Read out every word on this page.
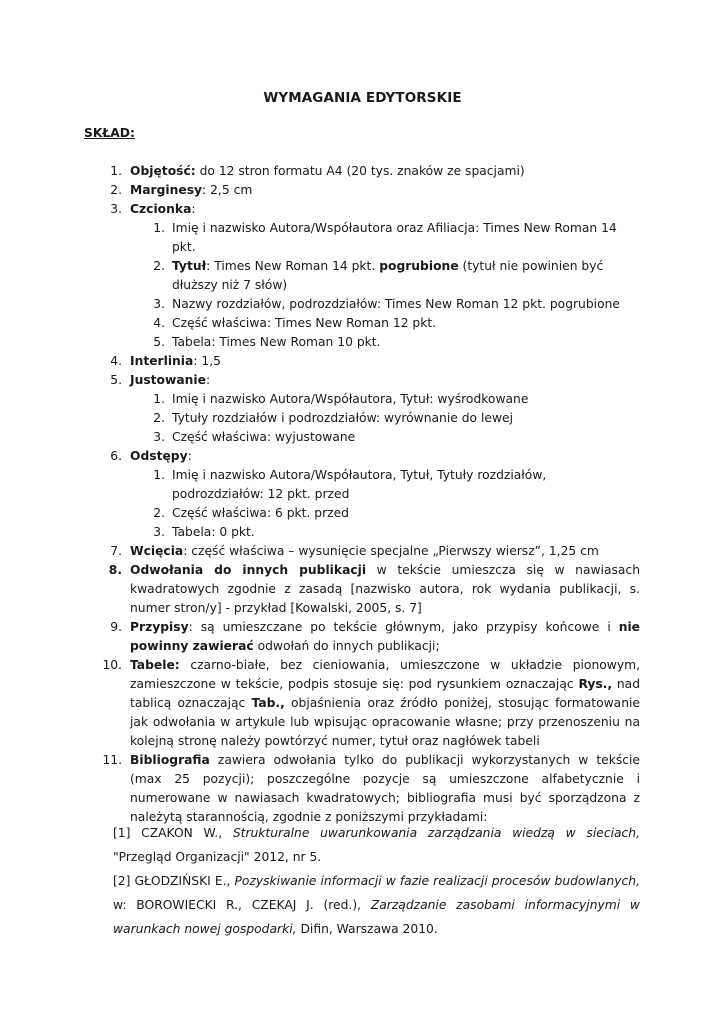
WYMAGANIA EDYTORSKIE
SKŁAD:
1. Objętość: do 12 stron formatu A4 (20 tys. znaków ze spacjami)
2. Marginesy: 2,5 cm
3. Czcionka:
1. Imię i nazwisko Autora/Współautora oraz Afiliacja: Times New Roman 14 pkt.
2. Tytuł: Times New Roman 14 pkt. pogrubione (tytuł nie powinien być dłuższy niż 7 słów)
3. Nazwy rozdziałów, podrozdziałów: Times New Roman 12 pkt. pogrubione
4. Część właściwa: Times New Roman 12 pkt.
5. Tabela: Times New Roman 10 pkt.
4. Interlinia: 1,5
5. Justowanie:
1. Imię i nazwisko Autora/Współautora, Tytuł: wyśrodkowane
2. Tytuły rozdziałów i podrozdziałów: wyrównanie do lewej
3. Część właściwa: wyjustowane
6. Odstępy:
1. Imię i nazwisko Autora/Współautora, Tytuł, Tytuły rozdziałów, podrozdziałów: 12 pkt. przed
2. Część właściwa: 6 pkt. przed
3. Tabela: 0 pkt.
7. Wcięcia: część właściwa – wysunięcie specjalne „Pierwszy wiersz”, 1,25 cm
8. Odwołania do innych publikacji w tekście umieszcza się w nawiasach kwadratowych zgodnie z zasadą [nazwisko autora, rok wydania publikacji, s. numer stron/y] - przykład [Kowalski, 2005, s. 7]
9. Przypisy: są umieszczane po tekście głównym, jako przypisy końcowe i nie powinny zawierać odwołań do innych publikacji;
10. Tabele: czarno-białe, bez cieniowania, umieszczone w układzie pionowym, zamieszczone w tekście, podpis stosuje się: pod rysunkiem oznaczając Rys., nad tablicą oznaczając Tab., objaśnienia oraz źródło poniżej, stosując formatowanie jak odwołania w artykule lub wpisując opracowanie własne; przy przenoszeniu na kolejną stronę należy powtórzyć numer, tytuł oraz nagłówek tabeli
11. Bibliografia zawiera odwołania tylko do publikacji wykorzystanych w tekście (max 25 pozycji); poszczególne pozycje są umieszczone alfabetycznie i numerowane w nawiasach kwadratowych; bibliografia musi być sporządzona z należytą starannością, zgodnie z poniższymi przykładami:
[1] CZAKON W., Strukturalne uwarunkowania zarządzania wiedzą w sieciach, "Przegląd Organizacji" 2012, nr 5.
[2] GŁODZIŃSKI E., Pozyskiwanie informacji w fazie realizacji procesów budowlanych, w: BOROWIECKI R., CZEKAJ J. (red.), Zarządzanie zasobami informacyjnymi w warunkach nowej gospodarki, Difin, Warszawa 2010.
